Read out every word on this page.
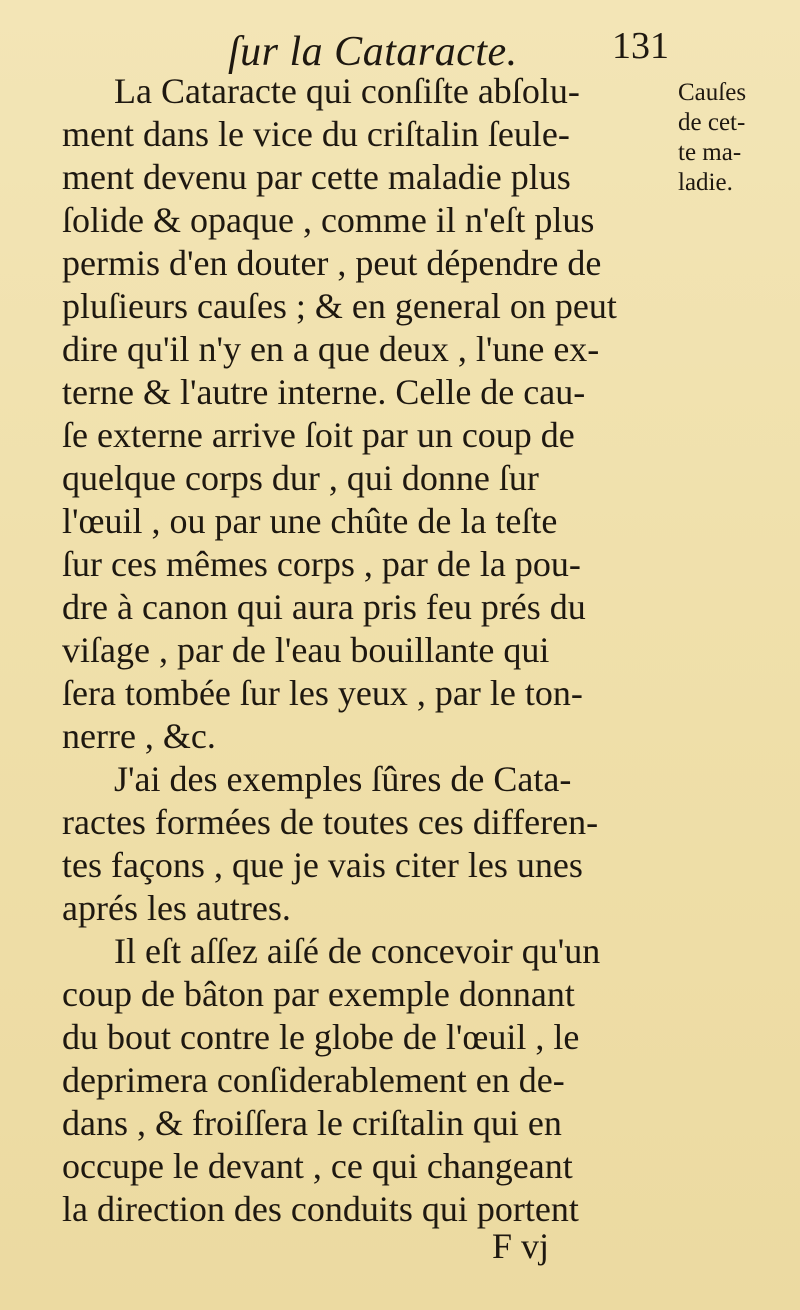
ſur la Cataracte. 131
Cauſes
de cet-
te ma-
ladie.

La Cataracte qui conſiſte abſolu-
ment dans le vice du criſtalin ſeule-
ment devenu par cette maladie plus
ſolide & opaque , comme il n'eſt plus
permis d'en douter , peut dépendre de
pluſieurs cauſes ; & en general on peut
dire qu'il n'y en a que deux , l'une ex-
terne & l'autre interne. Celle de cau-
ſe externe arrive ſoit par un coup de
quelque corps dur , qui donne ſur
l'œuil , ou par une chûte de la teſte
ſur ces mêmes corps , par de la pou-
dre à canon qui aura pris feu prés du
viſage , par de l'eau bouillante qui
ſera tombée ſur les yeux , par le ton-
nerre , &c.

J'ai des exemples ſûres de Cata-
ractes formées de toutes ces differen-
tes façons , que je vais citer les unes
aprés les autres.

Il eſt aſſez aiſé de concevoir qu'un
coup de bâton par exemple donnant
du bout contre le globe de l'œuil , le
deprimera conſiderablement en de-
dans , & froiſſera le criſtalin qui en
occupe le devant , ce qui changeant
la direction des conduits qui portent

F vj
